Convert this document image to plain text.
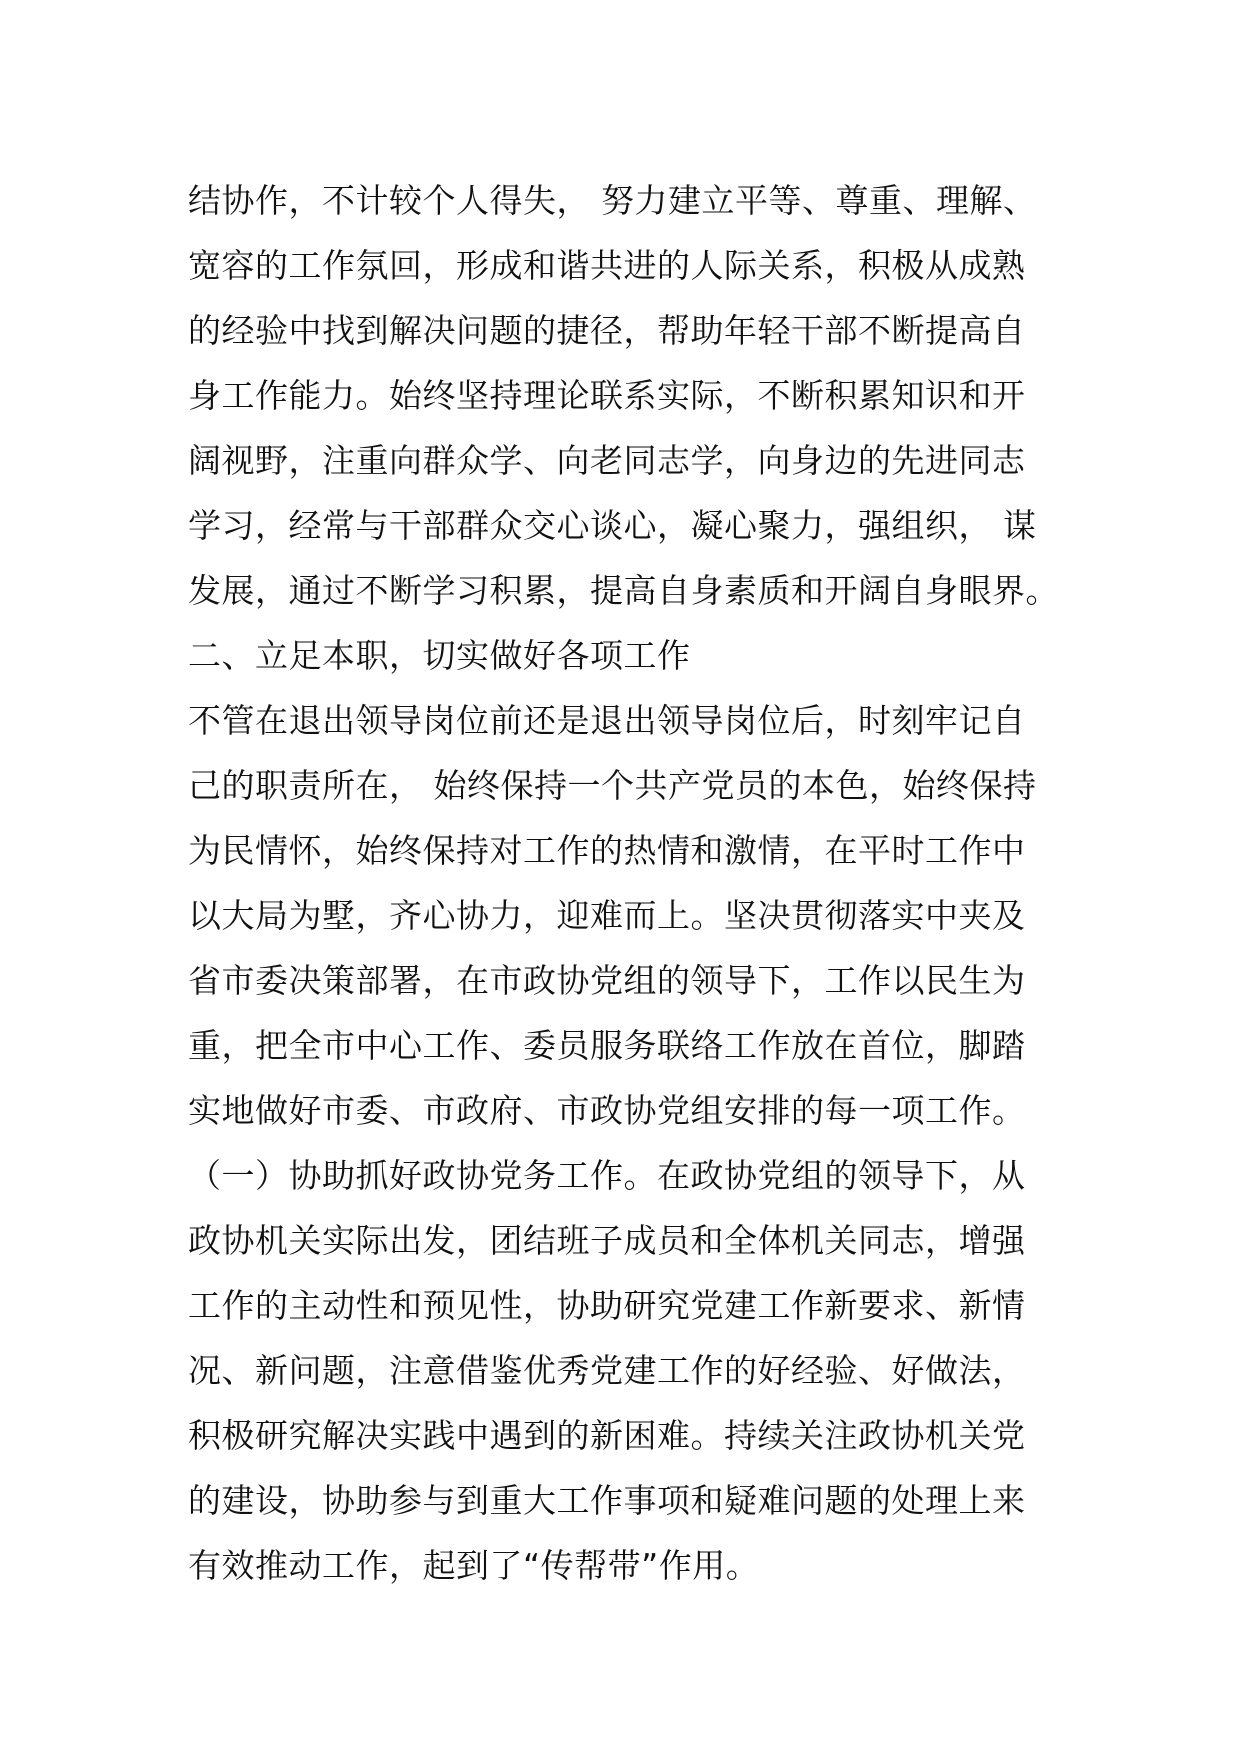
结协作，不计较个人得失， 努力建立平等、尊重、理解、
宽容的工作氛回，形成和谐共进的人际关系，积极从成熟
的经验中找到解决问题的捷径，帮助年轻干部不断提高自
身工作能力。始终坚持理论联系实际，不断积累知识和开
阔视野，注重向群众学、向老同志学，向身边的先进同志
学习，经常与干部群众交心谈心，凝心聚力，强组织， 谋
发展，通过不断学习积累，提高自身素质和开阔自身眼界。
二、立足本职，切实做好各项工作
不管在退出领导岗位前还是退出领导岗位后，时刻牢记自
己的职责所在， 始终保持一个共产党员的本色，始终保持
为民情怀，始终保持对工作的热情和激情，在平时工作中
以大局为墅，齐心协力，迎难而上。坚决贯彻落实中夹及
省市委决策部署，在市政协党组的领导下，工作以民生为
重，把全市中心工作、委员服务联络工作放在首位，脚踏
实地做好市委、市政府、市政协党组安排的每一项工作。
（一）协助抓好政协党务工作。在政协党组的领导下，从
政协机关实际出发，团结班子成员和全体机关同志，增强
工作的主动性和预见性，协助研究党建工作新要求、新情
况、新问题，注意借鉴优秀党建工作的好经验、好做法，
积极研究解决实践中遇到的新困难。持续关注政协机关党
的建设，协助参与到重大工作事项和疑难问题的处理上来
有效推动工作，起到了“传帮带”作用。
